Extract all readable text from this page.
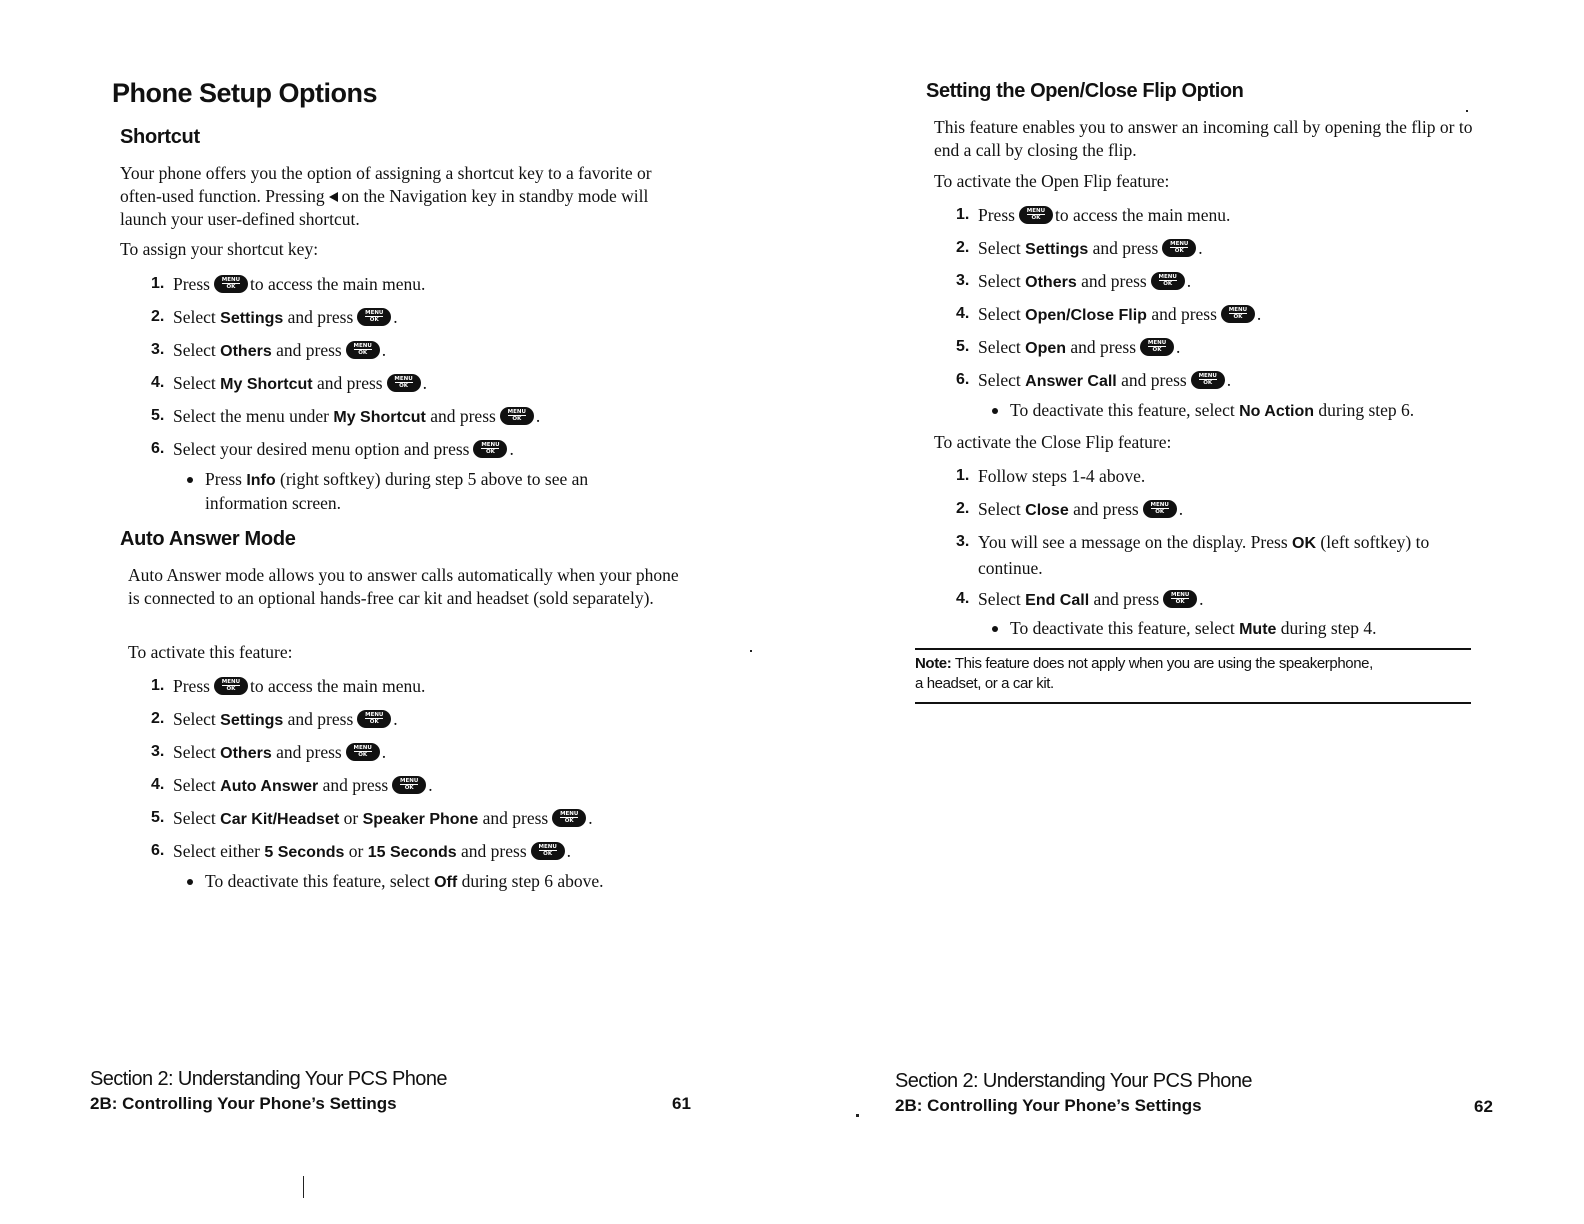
Phone Setup Options
Shortcut

Your phone offers you the option of assigning a shortcut key to a favorite or often-used function. Pressing on the Navigation key in standby mode will launch your user-defined shortcut.

To assign your shortcut key:

1. Press	MENU
OK to access the main menu.
2. Select Settings and press	MENU
OK .
3. Select Others and press	MENU
OK .
4. Select My Shortcut and press	MENU
OK .
5. Select the menu under My Shortcut and press	MENU
OK .
6. Select your desired menu option and press	MENU
OK .
Press Info (right softkey) during step 5 above to see an information screen.
Auto Answer Mode

Auto Answer mode allows you to answer calls automatically when your phone is connected to an optional hands-free car kit and headset (sold separately).

To activate this feature:

1. Press	MENU
OK to access the main menu.
2. Select Settings and press	MENU
OK .
3. Select Others and press	MENU
OK .
4. Select Auto Answer and press	MENU
OK .
5. Select Car Kit/Headset or Speaker Phone and press	MENU
OK .
6. Select either 5 Seconds or 15 Seconds and press	MENU
OK .
To deactivate this feature, select Off during step 6 above.
Section 2: Understanding Your PCS Phone
2B: Controlling Your Phone’s Settings	61
Setting the Open/Close Flip Option

This feature enables you to answer an incoming call by opening the flip or to end a call by closing the flip.

To activate the Open Flip feature:

1. Press	MENU
OK to access the main menu.
2. Select Settings and press	MENU
OK .
3. Select Others and press	MENU
OK .
4. Select Open/Close Flip and press	MENU
OK .
5. Select Open and press	MENU
OK .
6. Select Answer Call and press	MENU
OK .
To deactivate this feature, select No Action during step 6.

To activate the Close Flip feature:

1. Follow steps 1-4 above.
2. Select Close and press	MENU
OK .
3. You will see a message on the display. Press OK (left softkey) to continue.
4. Select End Call and press	MENU
OK .
To deactivate this feature, select Mute during step 4.
Note: This feature does not apply when you are using the speakerphone,
a headset, or a car kit.
Section 2: Understanding Your PCS Phone
2B: Controlling Your Phone’s Settings	62
